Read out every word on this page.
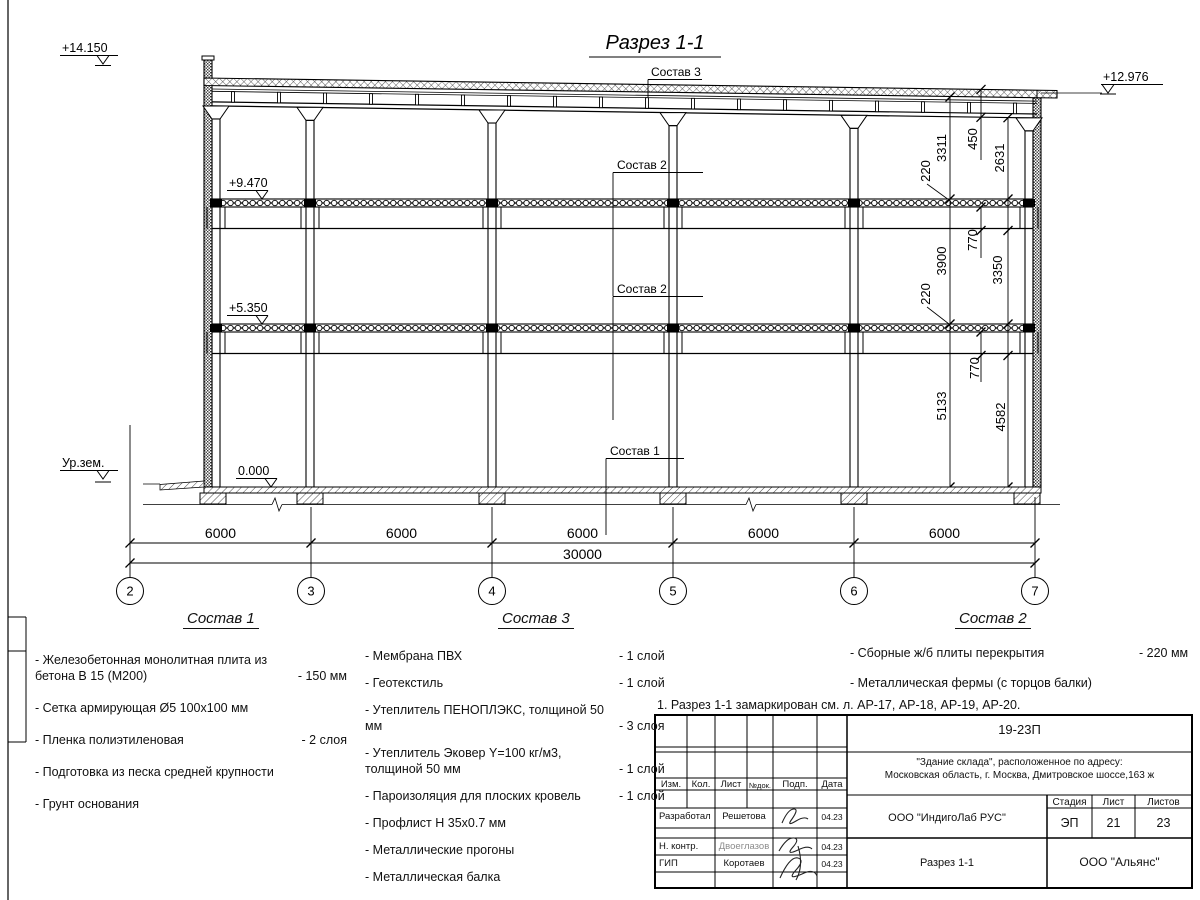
2	3	4	5	6	7
+14.150
+12.976
+9.470
+5.350
0.000
Ур.зем.
Состав 3
Состав 2
Состав 2
Состав 1
3311 450
2631
220
770
3900	3350
220
770
5133	4582
6000	6000	6000	6000	6000
30000
Разрез 1-1
1. Разрез 1-1 замаркирован см. л. АР-17, АР-18, АР-19, АР-20.
Состав 1	Состав 3	Состав 2
- Железобетонная монолитная плита из бетона В 15 (М200)	- 150 мм
- Сетка армирующая Ø5 100х100 мм
- Пленка полиэтиленовая	- 2 слоя
- Подготовка из песка средней крупности
- Грунт основания
- Мембрана ПВХ	- 1 слой
- Геотекстиль	- 1 слой
- Утеплитель ПЕНОПЛЭКС, толщиной 50 мм	- 3 слоя
- Утеплитель Эковер Y=100 кг/м3, толщиной 50 мм	- 1 слой
- Пароизоляция для плоских кровель	- 1 слой
- Профлист Н 35х0.7 мм
- Металлические прогоны
- Металлическая балка
- Сборные ж/б плиты перекрытия	- 220 мм
- Металлическая фермы (с торцов балки)
19-23П
"Здание склада", расположенное по адресу:
Московская область, г. Москва, Дмитровское шоссе,163 ж
Изм.	Кол.	Лист	№док.	Подп.	Дата
Стадия	Лист	Листов
ЭП	21	23
ООО "ИндигоЛаб РУС"
Разрез 1-1	ООО "Альянс"
Разработал	Решетова	04.23
Н. контр.	Двоеглазов	04.23
ГИП	Коротаев	04.23
